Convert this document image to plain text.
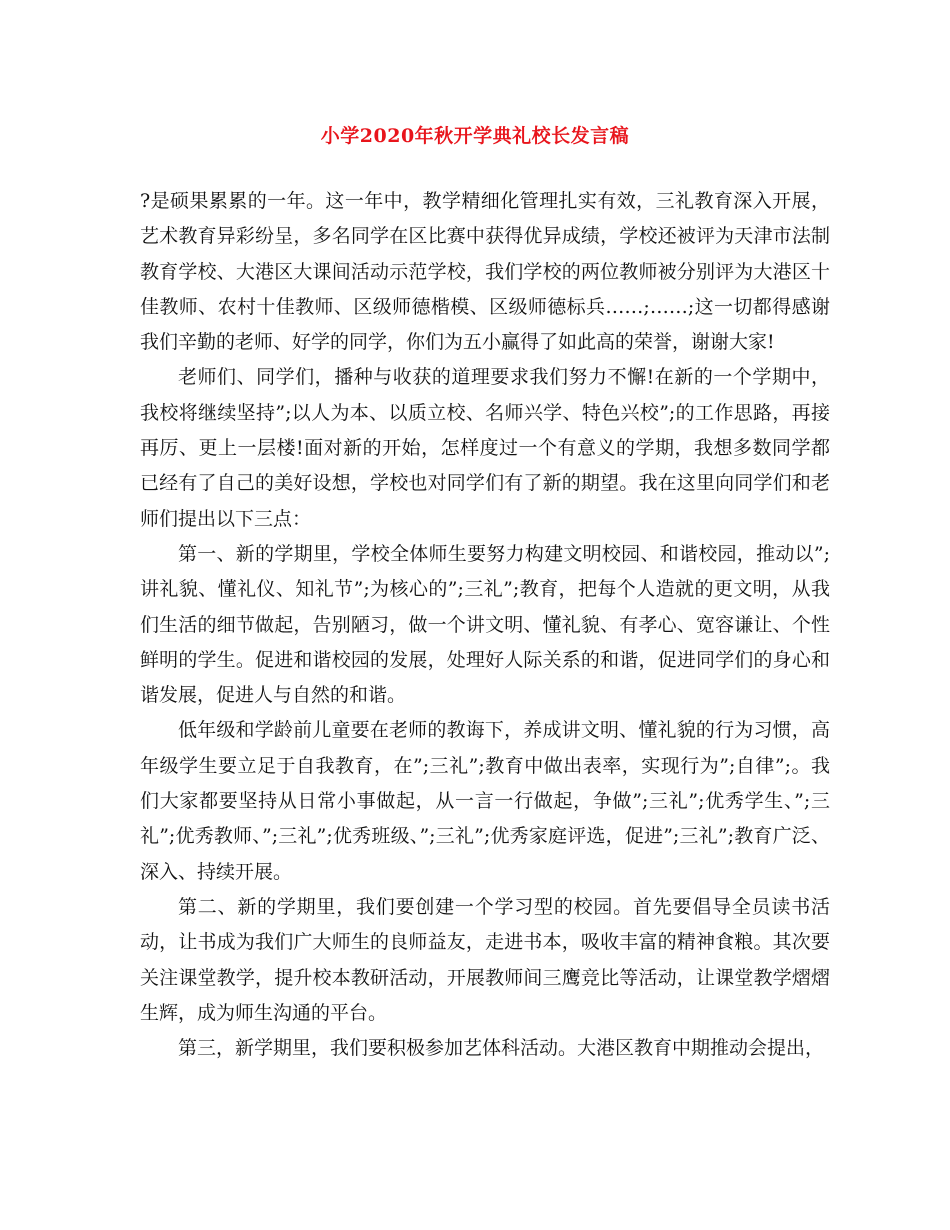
小学2020年秋开学典礼校长发言稿

?是硕果累累的一年。这一年中，教学精细化管理扎实有效，三礼教育深入开展，艺术教育异彩纷呈，多名同学在区比赛中获得优异成绩，学校还被评为天津市法制教育学校、大港区大课间活动示范学校，我们学校的两位教师被分别评为大港区十佳教师、农村十佳教师、区级师德楷模、区级师德标兵……;……;这一切都得感谢我们辛勤的老师、好学的同学，你们为五小赢得了如此高的荣誉，谢谢大家!

老师们、同学们，播种与收获的道理要求我们努力不懈!在新的一个学期中，我校将继续坚持”;以人为本、以质立校、名师兴学、特色兴校”;的工作思路，再接再厉、更上一层楼!面对新的开始，怎样度过一个有意义的学期，我想多数同学都已经有了自己的美好设想，学校也对同学们有了新的期望。我在这里向同学们和老师们提出以下三点：

第一、新的学期里，学校全体师生要努力构建文明校园、和谐校园，推动以”;讲礼貌、懂礼仪、知礼节”;为核心的”;三礼”;教育，把每个人造就的更文明，从我们生活的细节做起，告别陋习，做一个讲文明、懂礼貌、有孝心、宽容谦让、个性鲜明的学生。促进和谐校园的发展，处理好人际关系的和谐，促进同学们的身心和谐发展，促进人与自然的和谐。

低年级和学龄前儿童要在老师的教诲下，养成讲文明、懂礼貌的行为习惯，高年级学生要立足于自我教育，在”;三礼”;教育中做出表率，实现行为”;自律”;。我们大家都要坚持从日常小事做起，从一言一行做起，争做”;三礼”;优秀学生、”;三礼”;优秀教师、”;三礼”;优秀班级、”;三礼”;优秀家庭评选，促进”;三礼”;教育广泛、深入、持续开展。

第二、新的学期里，我们要创建一个学习型的校园。首先要倡导全员读书活动，让书成为我们广大师生的良师益友，走进书本，吸收丰富的精神食粮。其次要关注课堂教学，提升校本教研活动，开展教师间三鹰竞比等活动，让课堂教学熠熠生辉，成为师生沟通的平台。

第三，新学期里，我们要积极参加艺体科活动。大港区教育中期推动会提出，
